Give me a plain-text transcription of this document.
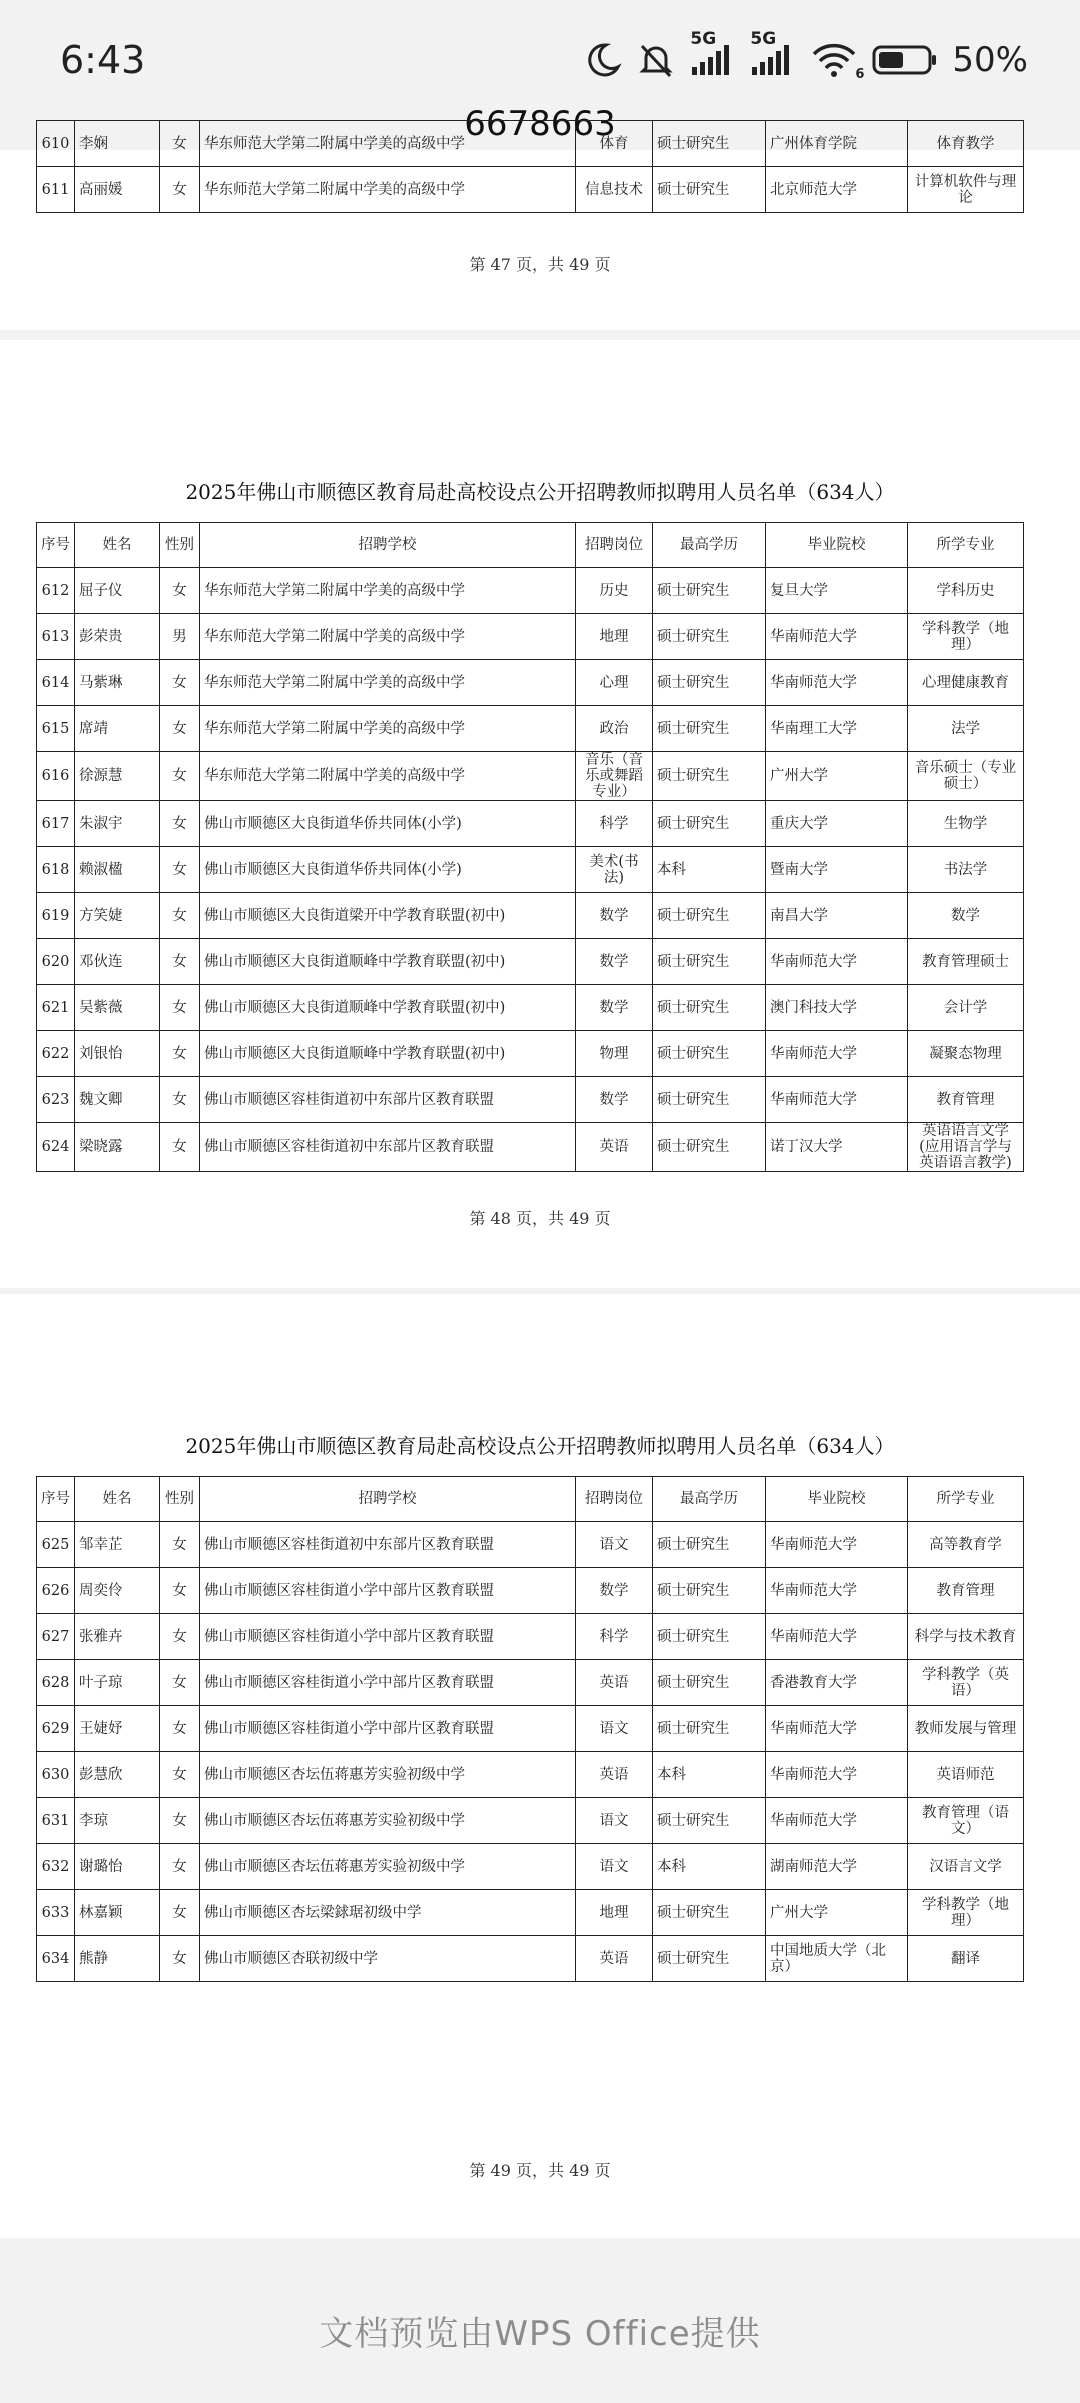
6:43	5G 5G
6	50%
6678663
610	李娴	女	华东师范大学第二附属中学美的高级中学	体育	硕士研究生	广州体育学院	体育教学
611	高丽媛	女	华东师范大学第二附属中学美的高级中学	信息技术	硕士研究生	北京师范大学	计算机软件与理论
第 47 页，共 49 页
2025年佛山市顺德区教育局赴高校设点公开招聘教师拟聘用人员名单（634人）
序号	姓名	性别	招聘学校	招聘岗位	最高学历	毕业院校	所学专业
612	屈子仪	女	华东师范大学第二附属中学美的高级中学	历史	硕士研究生	复旦大学	学科历史
613	彭荣贵	男	华东师范大学第二附属中学美的高级中学	地理	硕士研究生	华南师范大学	学科教学（地理）
614	马紫琳	女	华东师范大学第二附属中学美的高级中学	心理	硕士研究生	华南师范大学	心理健康教育
615	席靖	女	华东师范大学第二附属中学美的高级中学	政治	硕士研究生	华南理工大学	法学
616	徐源慧	女	华东师范大学第二附属中学美的高级中学	音乐（音乐或舞蹈专业）	硕士研究生	广州大学	音乐硕士（专业硕士）
617	朱淑宇	女	佛山市顺德区大良街道华侨共同体(小学)	科学	硕士研究生	重庆大学	生物学
618	赖淑楹	女	佛山市顺德区大良街道华侨共同体(小学)	美术(书法)	本科	暨南大学	书法学
619	方笑婕	女	佛山市顺德区大良街道梁开中学教育联盟(初中)	数学	硕士研究生	南昌大学	数学
620	邓伙连	女	佛山市顺德区大良街道顺峰中学教育联盟(初中)	数学	硕士研究生	华南师范大学	教育管理硕士
621	吴紫薇	女	佛山市顺德区大良街道顺峰中学教育联盟(初中)	数学	硕士研究生	澳门科技大学	会计学
622	刘银怡	女	佛山市顺德区大良街道顺峰中学教育联盟(初中)	物理	硕士研究生	华南师范大学	凝聚态物理
623	魏文卿	女	佛山市顺德区容桂街道初中东部片区教育联盟	数学	硕士研究生	华南师范大学	教育管理
624	梁晓露	女	佛山市顺德区容桂街道初中东部片区教育联盟	英语	硕士研究生	诺丁汉大学	英语语言文学(应用语言学与英语语言教学)
第 48 页，共 49 页
2025年佛山市顺德区教育局赴高校设点公开招聘教师拟聘用人员名单（634人）
序号	姓名	性别	招聘学校	招聘岗位	最高学历	毕业院校	所学专业
625	邹幸芷	女	佛山市顺德区容桂街道初中东部片区教育联盟	语文	硕士研究生	华南师范大学	高等教育学
626	周奕伶	女	佛山市顺德区容桂街道小学中部片区教育联盟	数学	硕士研究生	华南师范大学	教育管理
627	张雅卉	女	佛山市顺德区容桂街道小学中部片区教育联盟	科学	硕士研究生	华南师范大学	科学与技术教育
628	叶子琼	女	佛山市顺德区容桂街道小学中部片区教育联盟	英语	硕士研究生	香港教育大学	学科教学（英语）
629	王婕妤	女	佛山市顺德区容桂街道小学中部片区教育联盟	语文	硕士研究生	华南师范大学	教师发展与管理
630	彭慧欣	女	佛山市顺德区杏坛伍蒋惠芳实验初级中学	英语	本科	华南师范大学	英语师范
631	李琼	女	佛山市顺德区杏坛伍蒋惠芳实验初级中学	语文	硕士研究生	华南师范大学	教育管理（语文）
632	谢璐怡	女	佛山市顺德区杏坛伍蒋惠芳实验初级中学	语文	本科	湖南师范大学	汉语言文学
633	林嘉颖	女	佛山市顺德区杏坛梁銶琚初级中学	地理	硕士研究生	广州大学	学科教学（地理）
634	熊静	女	佛山市顺德区杏联初级中学	英语	硕士研究生	中国地质大学（北京）	翻译
第 49 页，共 49 页
文档预览由WPS Office提供
